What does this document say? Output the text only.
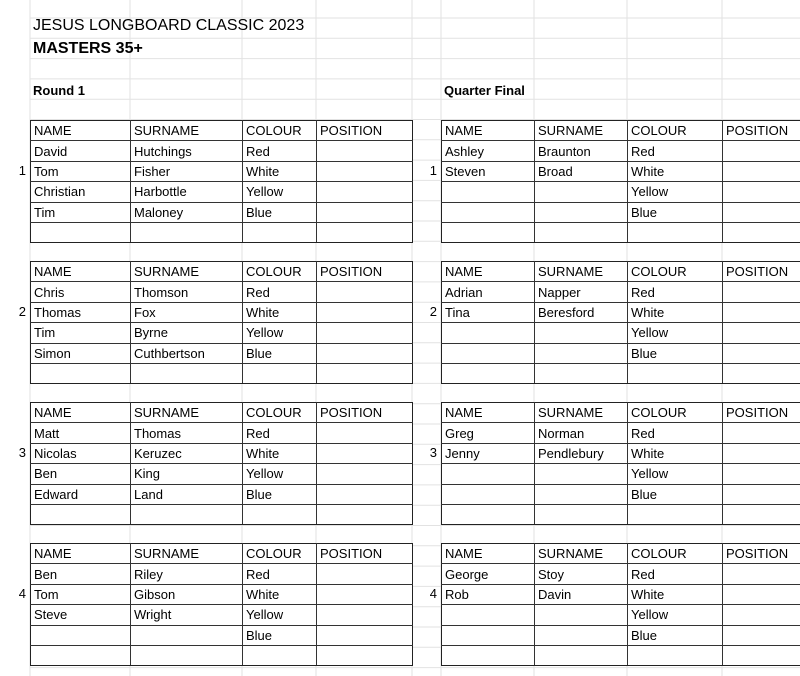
JESUS LONGBOARD CLASSIC 2023
MASTERS 35+
Round 1	Quarter Final
NAME	SURNAME	COLOUR	POSITION
David	Hutchings	Red	
Tom	Fisher	White	
Christian	Harbottle	Yellow	
Tim	Maloney	Blue	

1
NAME	SURNAME	COLOUR	POSITION
Chris	Thomson	Red	
Thomas	Fox	White	
Tim	Byrne	Yellow	
Simon	Cuthbertson	Blue	

2
NAME	SURNAME	COLOUR	POSITION
Matt	Thomas	Red	
Nicolas	Keruzec	White	
Ben	King	Yellow	
Edward	Land	Blue	

3
NAME	SURNAME	COLOUR	POSITION
Ben	Riley	Red	
Tom	Gibson	White	
Steve	Wright	Yellow	
		Blue	

4
NAME	SURNAME	COLOUR	POSITION
Ashley	Braunton	Red	
Steven	Broad	White	
		Yellow	
		Blue	

1
NAME	SURNAME	COLOUR	POSITION
Adrian	Napper	Red	
Tina	Beresford	White	
		Yellow	
		Blue	

2
NAME	SURNAME	COLOUR	POSITION
Greg	Norman	Red	
Jenny	Pendlebury	White	
		Yellow	
		Blue	

3
NAME	SURNAME	COLOUR	POSITION
George	Stoy	Red	
Rob	Davin	White	
		Yellow	
		Blue	

4
